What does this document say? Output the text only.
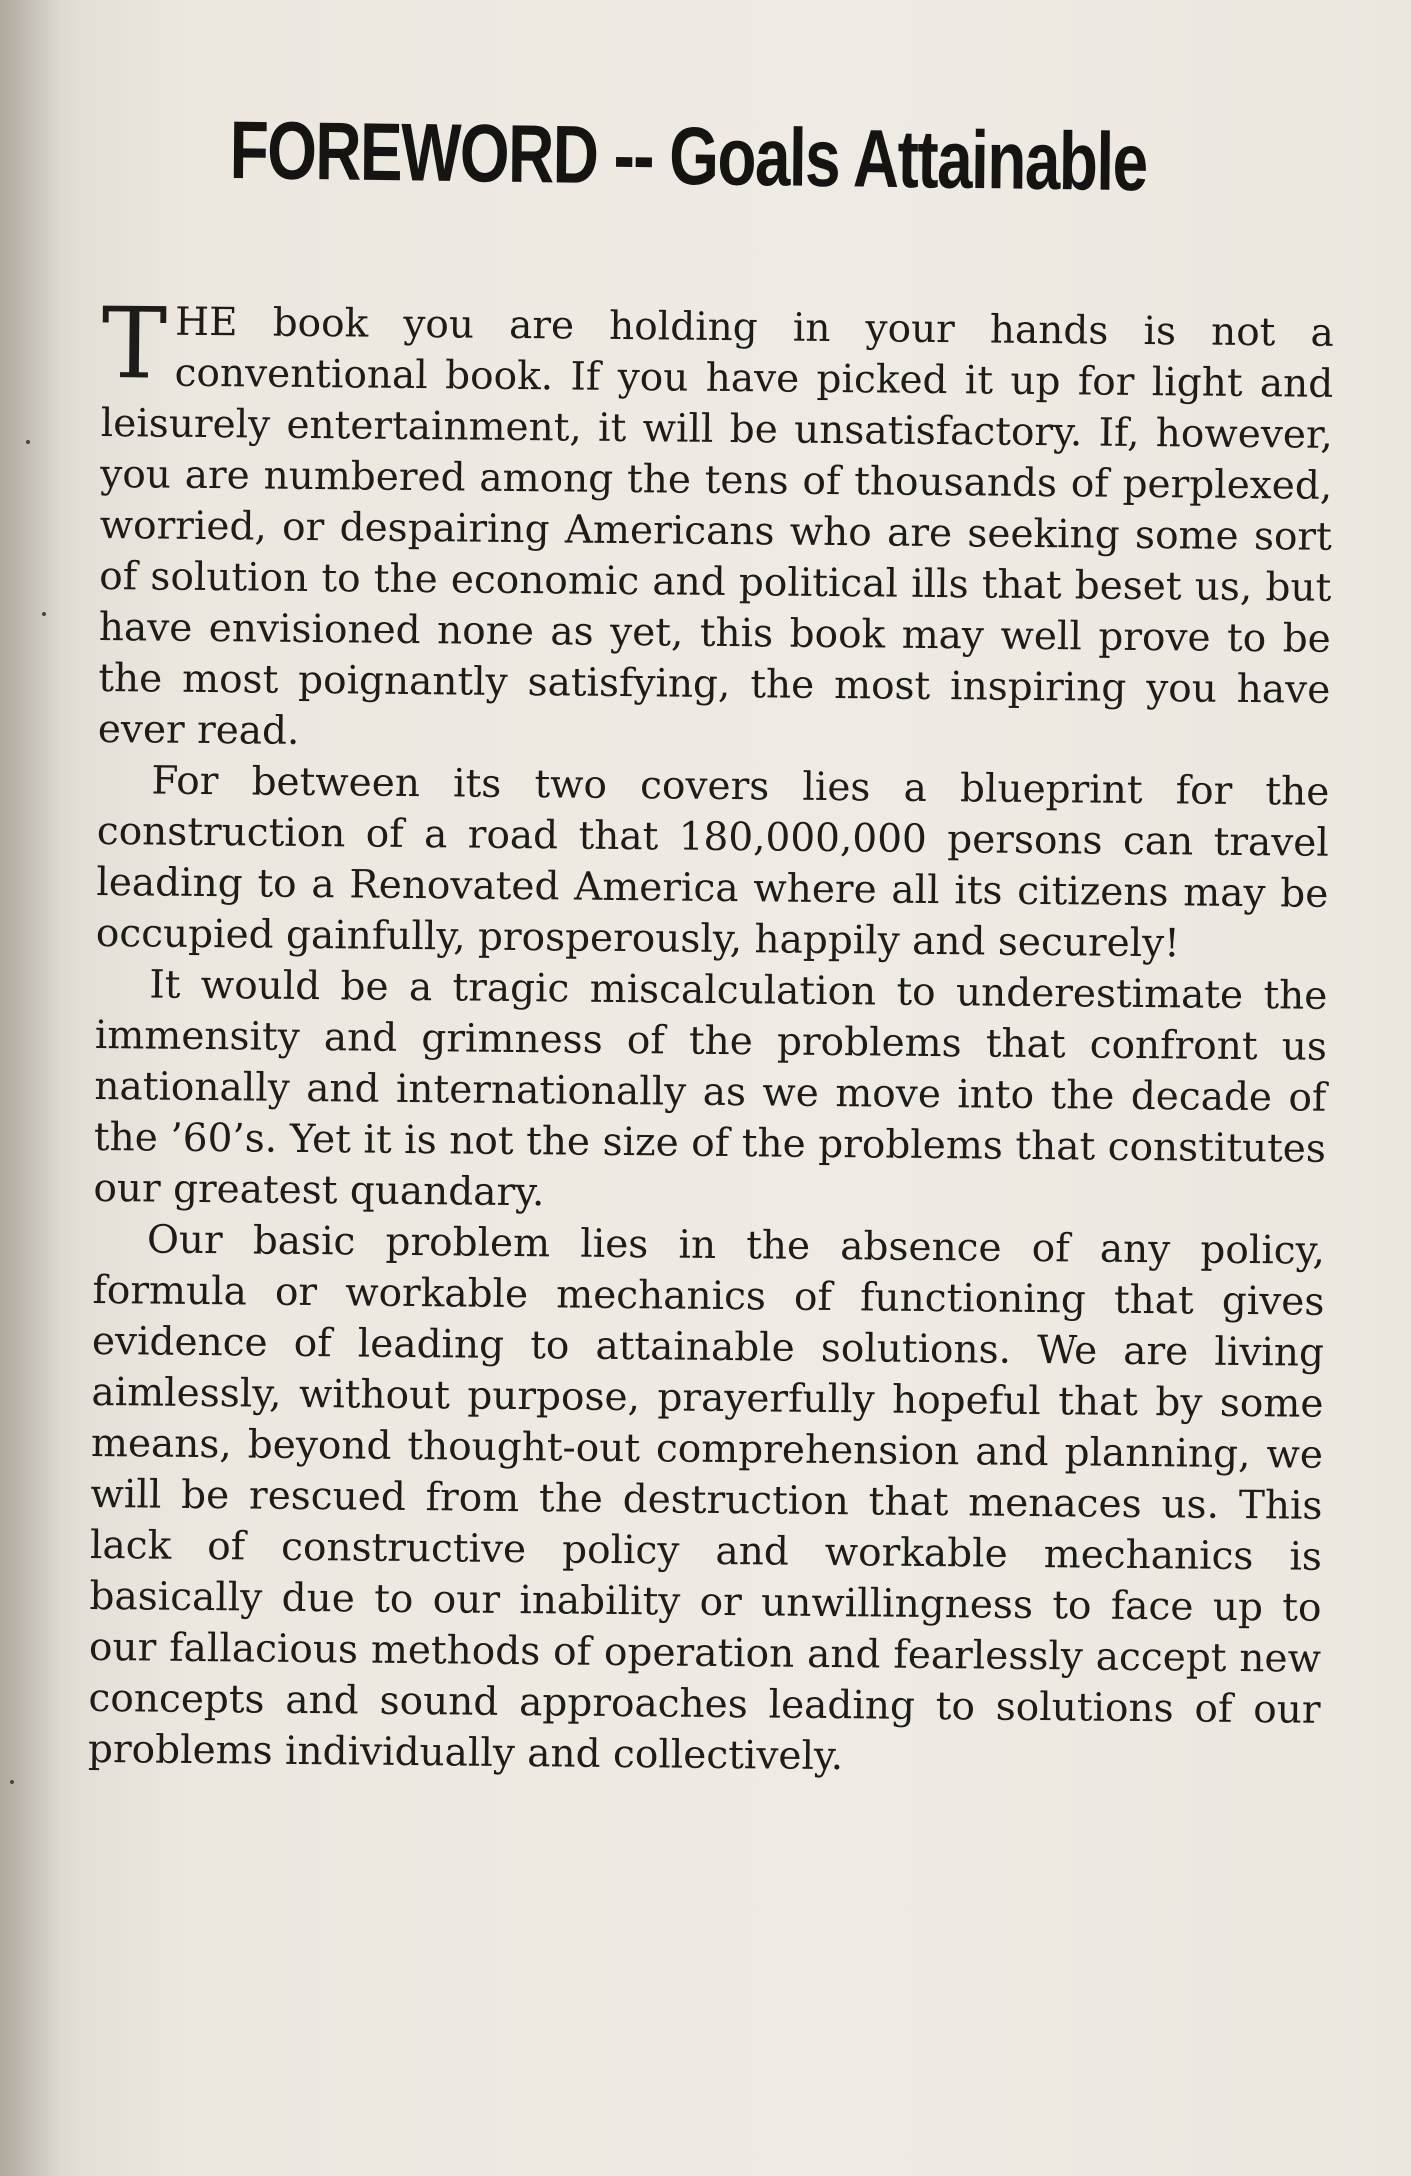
FOREWORD -- Goals Attainable

THE book you are holding in your hands is not a conventional book. If you have picked it up for light and leisurely entertainment, it will be unsatisfactory. If, however, you are numbered among the tens of thousands of perplexed, worried, or despairing Americans who are seeking some sort of solution to the economic and political ills that beset us, but have envisioned none as yet, this book may well prove to be the most poignantly satisfying, the most inspiring you have ever read.

For between its two covers lies a blueprint for the construction of a road that 180,000,000 persons can travel leading to a Renovated America where all its citizens may be occupied gainfully, prosperously, happily and securely!

It would be a tragic miscalculation to underestimate the immensity and grimness of the problems that confront us nationally and internationally as we move into the decade of the ’60’s. Yet it is not the size of the problems that constitutes our greatest quandary.

Our basic problem lies in the absence of any policy, formula or workable mechanics of functioning that gives evidence of leading to attainable solutions. We are living aimlessly, without purpose, prayerfully hopeful that by some means, beyond thought-out comprehension and planning, we will be rescued from the destruction that menaces us. This lack of constructive policy and workable mechanics is basically due to our inability or unwillingness to face up to our fallacious methods of operation and fearlessly accept new concepts and sound approaches leading to solutions of our problems individually and collectively.
